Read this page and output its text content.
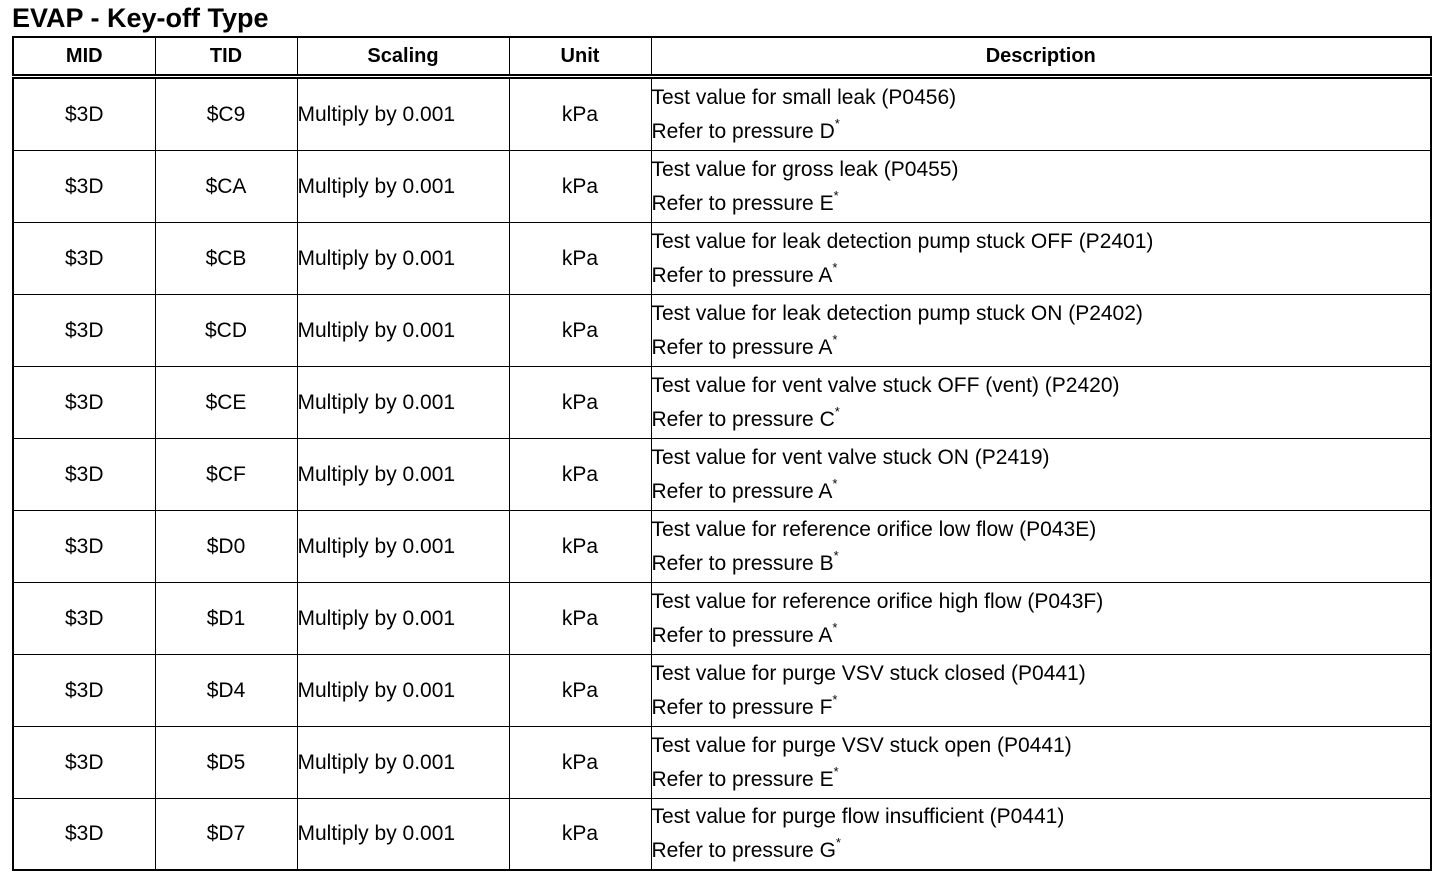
EVAP - Key-off Type
MID	TID	Scaling	Unit	Description
$3D	$C9	Multiply by 0.001	kPa	Test value for small leak (P0456)
Refer to pressure D*

$3D	$CA	Multiply by 0.001	kPa	Test value for gross leak (P0455)
Refer to pressure E*

$3D	$CB	Multiply by 0.001	kPa	Test value for leak detection pump stuck OFF (P2401)
Refer to pressure A*

$3D	$CD	Multiply by 0.001	kPa	Test value for leak detection pump stuck ON (P2402)
Refer to pressure A*

$3D	$CE	Multiply by 0.001	kPa	Test value for vent valve stuck OFF (vent) (P2420)
Refer to pressure C*

$3D	$CF	Multiply by 0.001	kPa	Test value for vent valve stuck ON (P2419)
Refer to pressure A*

$3D	$D0	Multiply by 0.001	kPa	Test value for reference orifice low flow (P043E)
Refer to pressure B*

$3D	$D1	Multiply by 0.001	kPa	Test value for reference orifice high flow (P043F)
Refer to pressure A*

$3D	$D4	Multiply by 0.001	kPa	Test value for purge VSV stuck closed (P0441)
Refer to pressure F*

$3D	$D5	Multiply by 0.001	kPa	Test value for purge VSV stuck open (P0441)
Refer to pressure E*

$3D	$D7	Multiply by 0.001	kPa	Test value for purge flow insufficient (P0441)
Refer to pressure G*
